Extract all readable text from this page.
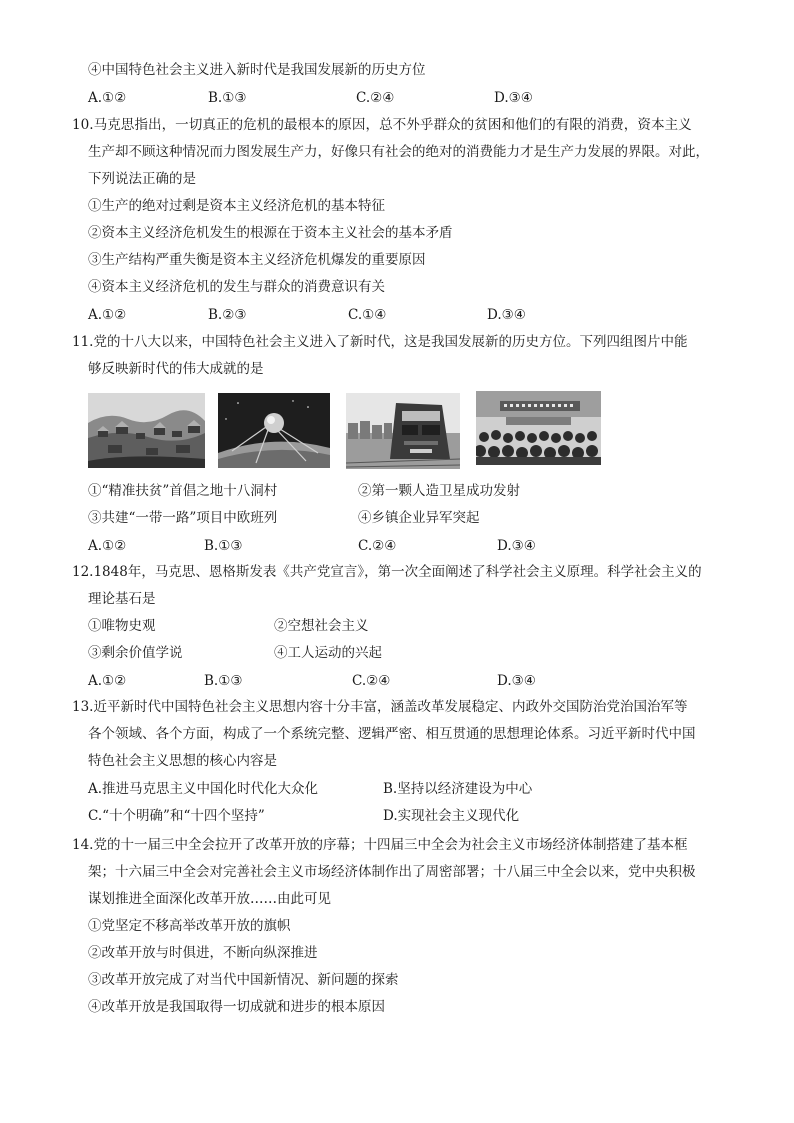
④中国特色社会主义进入新时代是我国发展新的历史方位
A.①②	B.①③	C.②④	D.③④
10.马克思指出，一切真正的危机的最根本的原因，总不外乎群众的贫困和他们的有限的消费，资本主义
生产却不顾这种情况而力图发展生产力，好像只有社会的绝对的消费能力才是生产力发展的界限。对此，
下列说法正确的是
①生产的绝对过剩是资本主义经济危机的基本特征
②资本主义经济危机发生的根源在于资本主义社会的基本矛盾
③生产结构严重失衡是资本主义经济危机爆发的重要原因
④资本主义经济危机的发生与群众的消费意识有关
A.①②	B.②③	C.①④	D.③④
11.党的十八大以来，中国特色社会主义进入了新时代，这是我国发展新的历史方位。下列四组图片中能
够反映新时代的伟大成就的是
①“精准扶贫”首倡之地十八洞村	②第一颗人造卫星成功发射
③共建“一带一路”项目中欧班列	④乡镇企业异军突起
A.①②	B.①③	C.②④	D.③④
12.1848年，马克思、恩格斯发表《共产党宣言》，第一次全面阐述了科学社会主义原理。科学社会主义的
理论基石是
①唯物史观	②空想社会主义
③剩余价值学说	④工人运动的兴起
A.①②	B.①③	C.②④	D.③④
13.近平新时代中国特色社会主义思想内容十分丰富，涵盖改革发展稳定、内政外交国防治党治国治军等
各个领域、各个方面，构成了一个系统完整、逻辑严密、相互贯通的思想理论体系。习近平新时代中国
特色社会主义思想的核心内容是
A.推进马克思主义中国化时代化大众化	B.坚持以经济建设为中心
C.“十个明确”和“十四个坚持”	D.实现社会主义现代化
14.党的十一届三中全会拉开了改革开放的序幕；十四届三中全会为社会主义市场经济体制搭建了基本框
架；十六届三中全会对完善社会主义市场经济体制作出了周密部署；十八届三中全会以来，党中央积极
谋划推进全面深化改革开放……由此可见
①党坚定不移高举改革开放的旗帜
②改革开放与时俱进，不断向纵深推进
③改革开放完成了对当代中国新情况、新问题的探索
④改革开放是我国取得一切成就和进步的根本原因
